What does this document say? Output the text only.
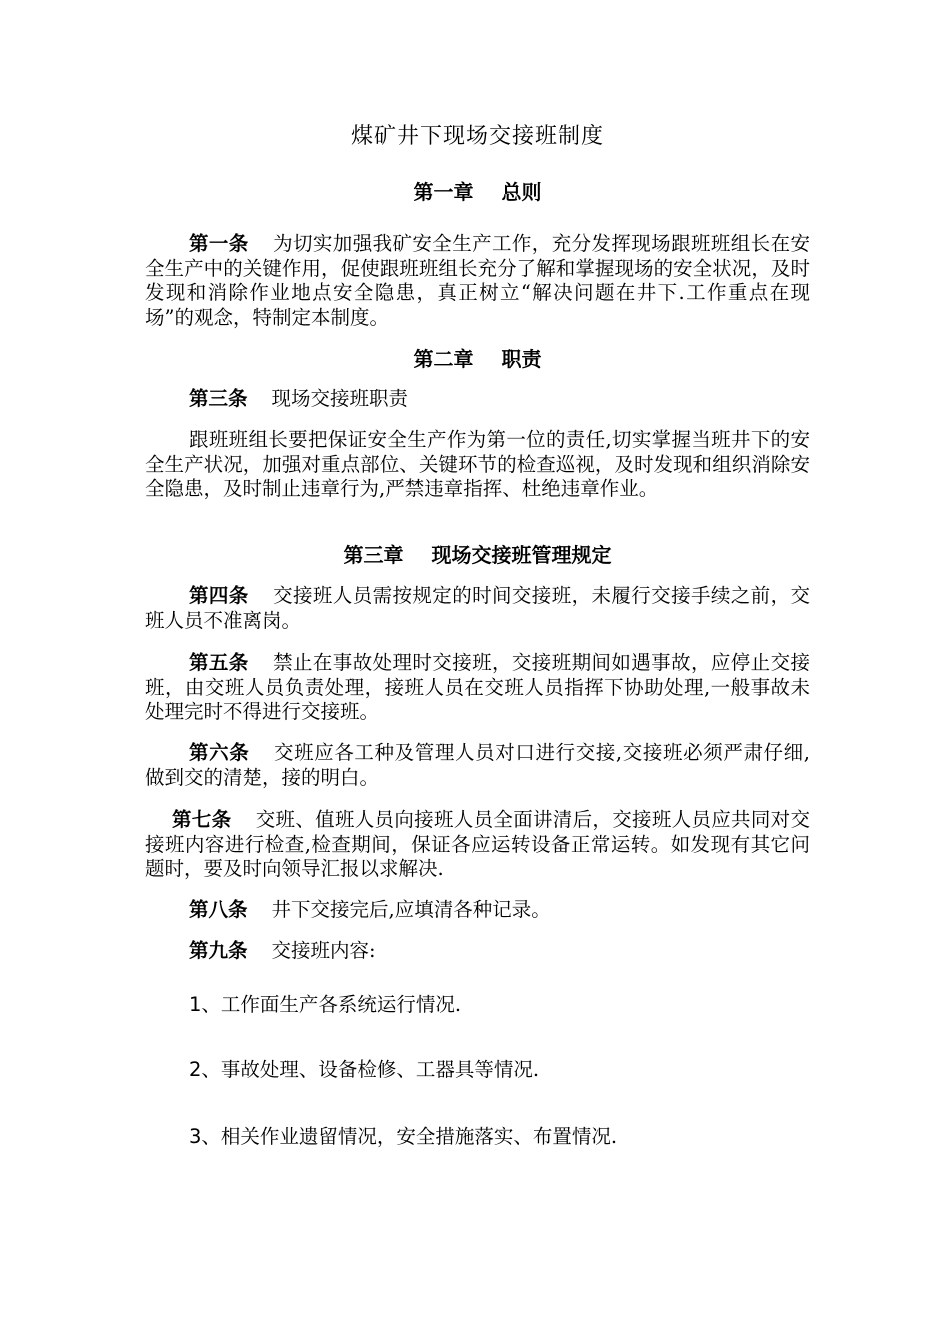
煤矿井下现场交接班制度
第一章 总则

第一条 为切实加强我矿安全生产工作，充分发挥现场跟班班组长在安全生产中的关键作用，促使跟班班组长充分了解和掌握现场的安全状况，及时发现和消除作业地点安全隐患，真正树立“解决问题在井下.工作重点在现场”的观念，特制定本制度。

第二章 职责

第三条 现场交接班职责

跟班班组长要把保证安全生产作为第一位的责任,切实掌握当班井下的安全生产状况，加强对重点部位、关键环节的检查巡视，及时发现和组织消除安全隐患，及时制止违章行为,严禁违章指挥、杜绝违章作业。

第三章 现场交接班管理规定

第四条 交接班人员需按规定的时间交接班，未履行交接手续之前，交班人员不准离岗。

第五条 禁止在事故处理时交接班，交接班期间如遇事故，应停止交接班，由交班人员负责处理，接班人员在交班人员指挥下协助处理,一般事故未处理完时不得进行交接班。

第六条 交班应各工种及管理人员对口进行交接,交接班必须严肃仔细,做到交的清楚，接的明白。

第七条 交班、值班人员向接班人员全面讲清后，交接班人员应共同对交接班内容进行检查,检查期间，保证各应运转设备正常运转。如发现有其它问题时，要及时向领导汇报以求解决.

第八条 井下交接完后,应填清各种记录。

第九条 交接班内容:

1、工作面生产各系统运行情况.

2、事故处理、设备检修、工器具等情况.

3、相关作业遗留情况，安全措施落实、布置情况.
